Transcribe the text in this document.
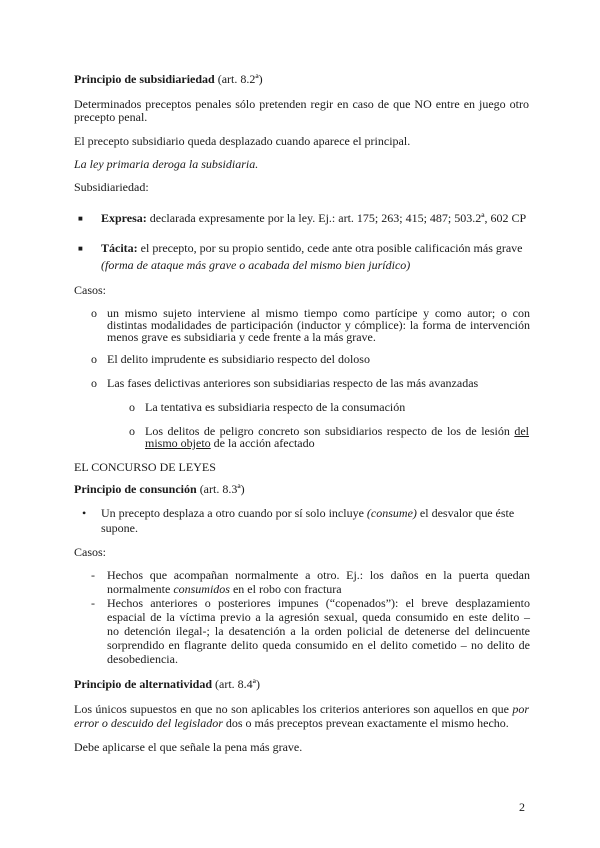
Principio de subsidiariedad (art. 8.2ª)
Determinados preceptos penales sólo pretenden regir en caso de que NO entre en juego otro
precepto penal.
El precepto subsidiario queda desplazado cuando aparece el principal.
La ley primaria deroga la subsidiaria.
Subsidiariedad:
■ Expresa: declarada expresamente por la ley. Ej.: art. 175; 263; 415; 487; 503.2ª, 602 CP
■ Tácita: el precepto, por su propio sentido, cede ante otra posible calificación más grave
(forma de ataque más grave o acabada del mismo bien jurídico)
Casos:
o un mismo sujeto interviene al mismo tiempo como partícipe y como autor; o con
distintas modalidades de participación (inductor y cómplice): la forma de intervención
menos grave es subsidiaria y cede frente a la más grave.
o El delito imprudente es subsidiario respecto del doloso
o Las fases delictivas anteriores son subsidiarias respecto de las más avanzadas
o La tentativa es subsidiaria respecto de la consumación
o Los delitos de peligro concreto son subsidiarios respecto de los de lesión del
mismo objeto de la acción afectado
EL CONCURSO DE LEYES
Principio de consunción (art. 8.3ª)
• Un precepto desplaza a otro cuando por sí solo incluye (consume) el desvalor que éste
supone.
Casos:
- Hechos que acompañan normalmente a otro. Ej.: los daños en la puerta quedan
normalmente consumidos en el robo con fractura
- Hechos anteriores o posteriores impunes (“copenados”): el breve desplazamiento
espacial de la víctima previo a la agresión sexual, queda consumido en este delito –
no detención ilegal-; la desatención a la orden policial de detenerse del delincuente
sorprendido en flagrante delito queda consumido en el delito cometido – no delito de
desobediencia.
Principio de alternatividad (art. 8.4ª)
Los únicos supuestos en que no son aplicables los criterios anteriores son aquellos en que por
error o descuido del legislador dos o más preceptos prevean exactamente el mismo hecho.
Debe aplicarse el que señale la pena más grave.
2
